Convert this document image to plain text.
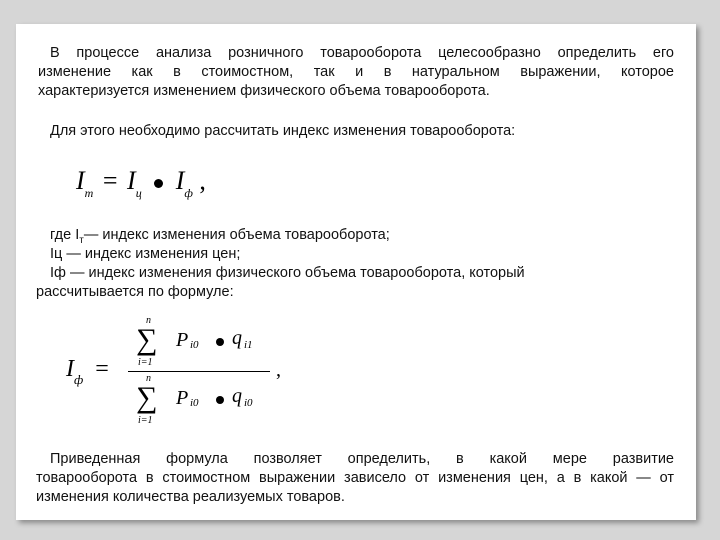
В процессе анализа розничного товарооборота целесообразно определить его

изменение как в стоимостном, так и в натуральном выражении, которое

характеризуется изменением физического объема товарооборота.

Для этого необходимо рассчитать индекс изменения товарооборота:

$I_т = I_ц$ $I_ф$ ,

где $I_т—$ индекс изменения объема товарооборота;

Iц — индекс изменения цен;

Iф — индекс изменения физического объема товарооборота, который

рассчитывается по формуле:

$I_ф$ =
n
∑
i=1
P i0 q i1
,
n
∑
i=1
P i0 q i0

Приведенная формула позволяет определить, в какой мере развитие

товарооборота в стоимостном выражении зависело от изменения цен, а в какой — от

изменения количества реализуемых товаров.
